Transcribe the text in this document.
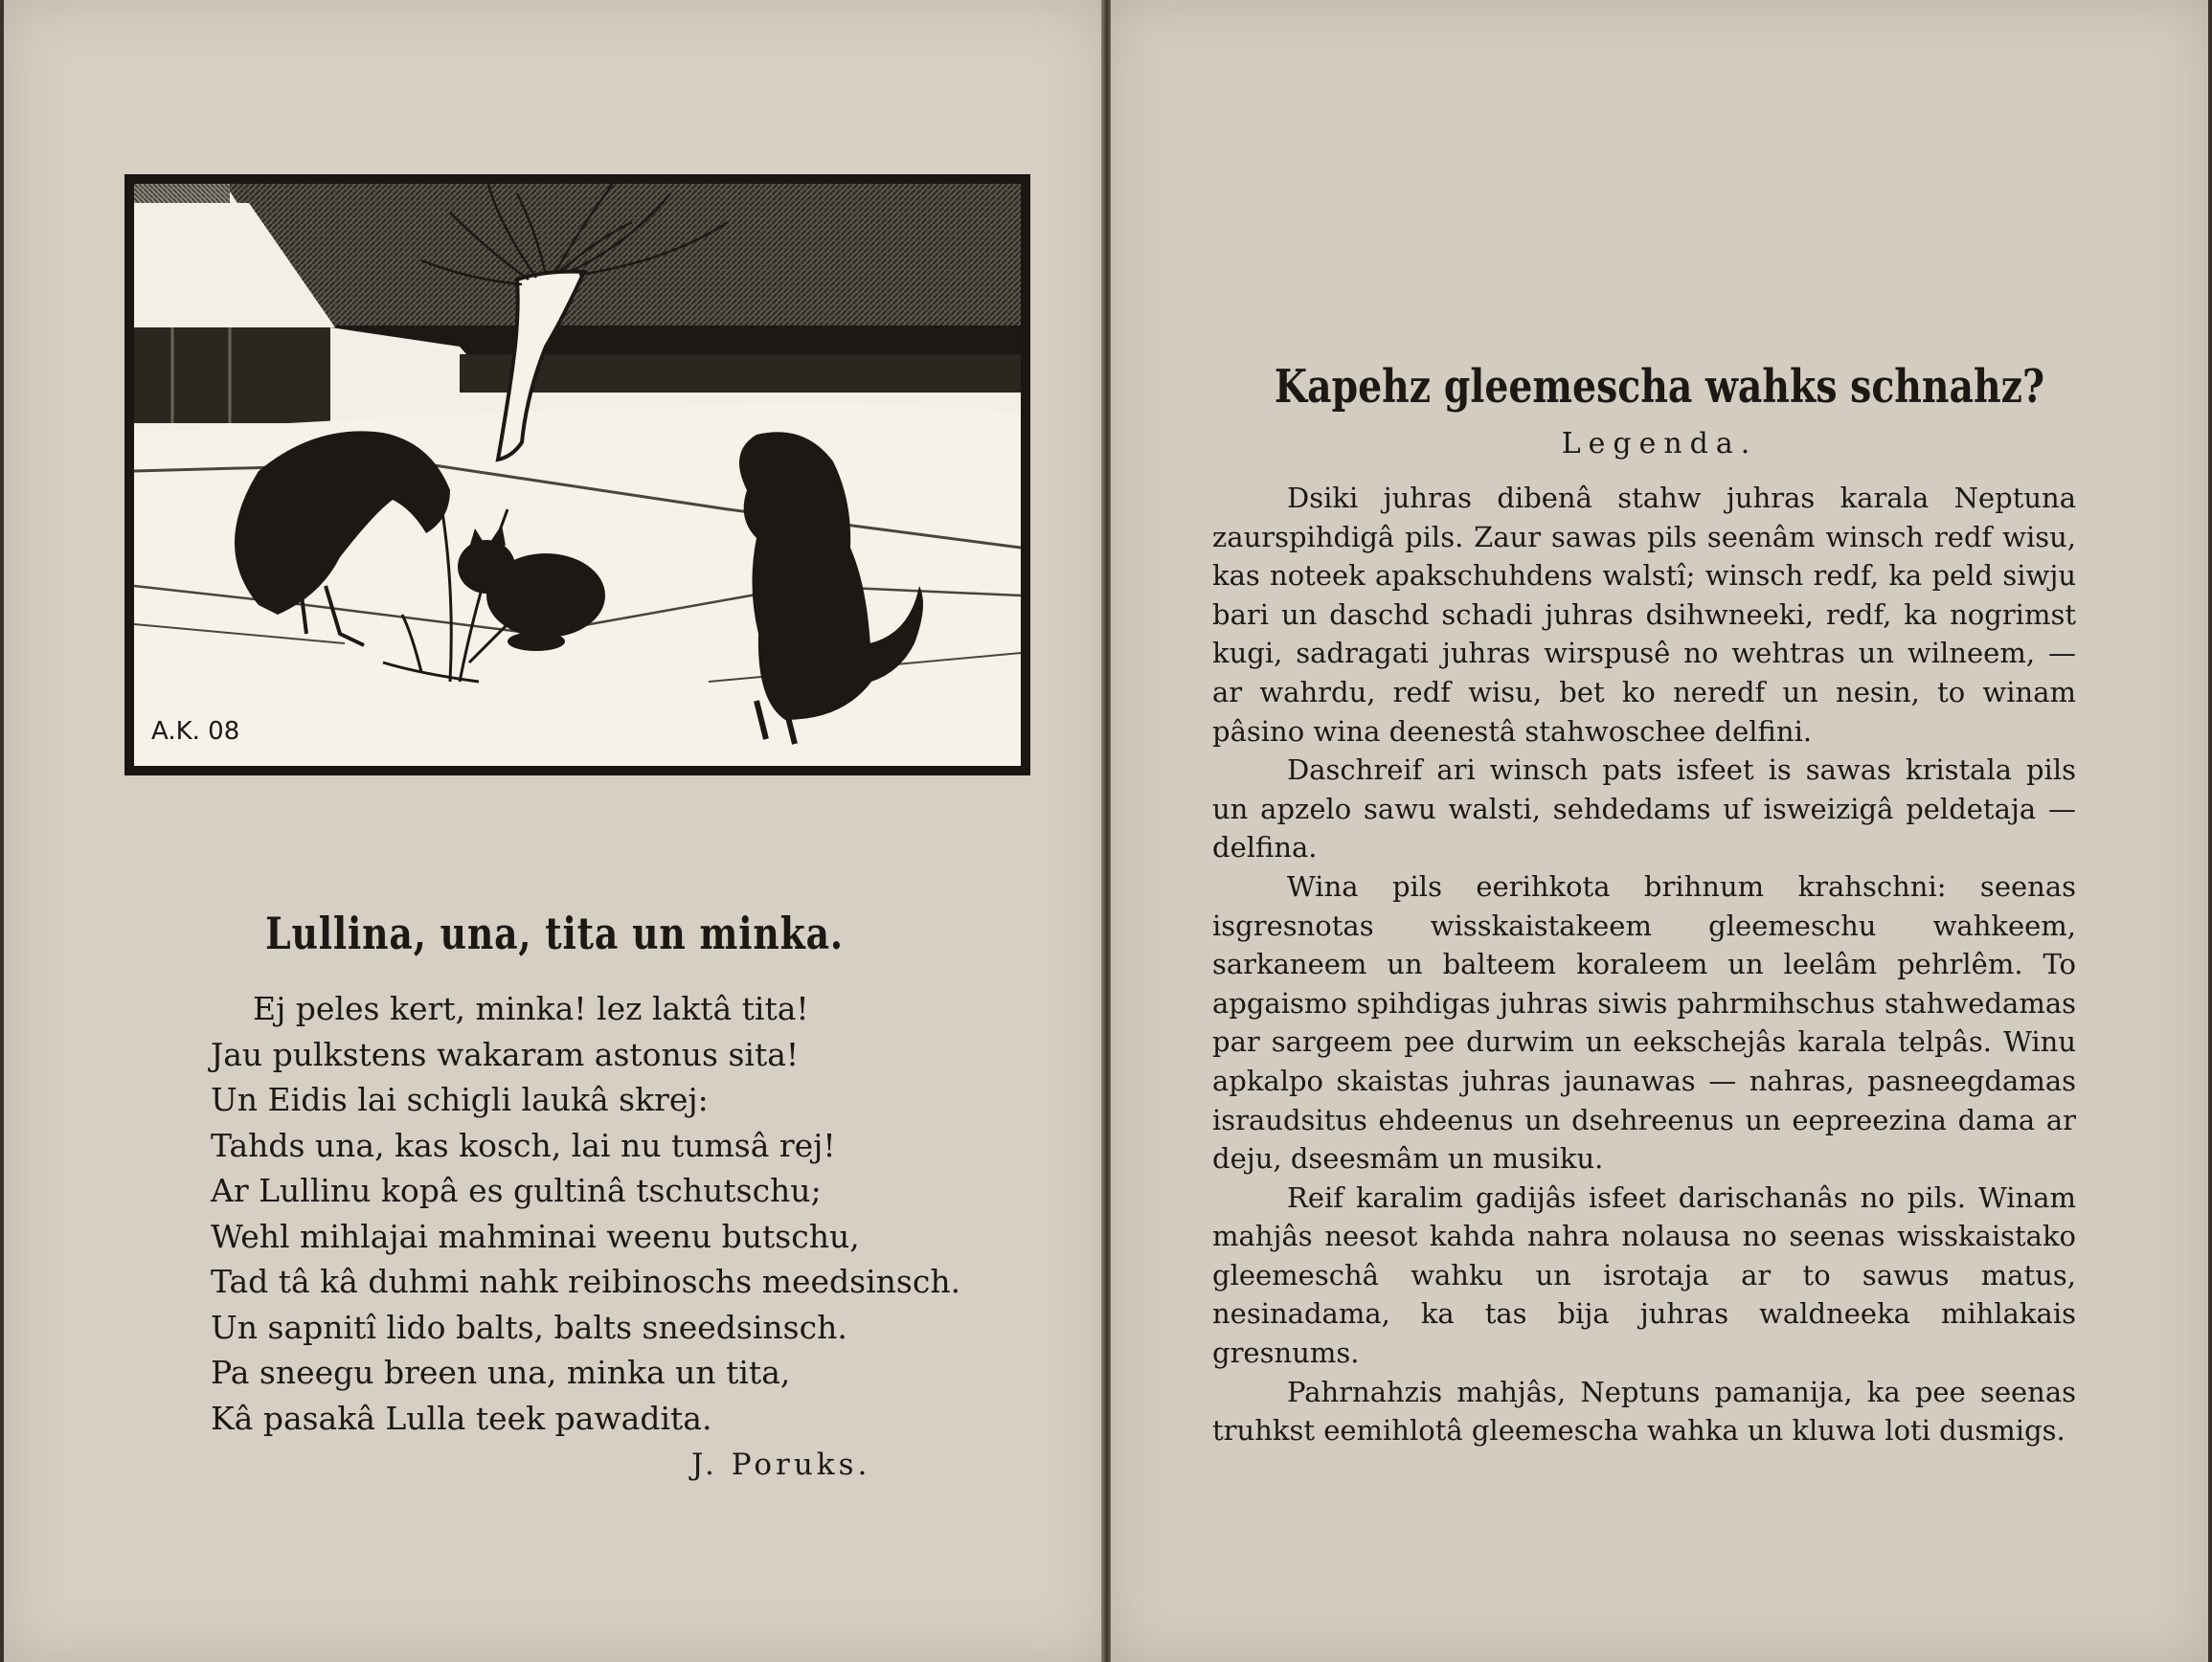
A.K. 08
Lullina, una, tita un minka.
Ej peles kert, minka! lez laktâ tita!
Jau pulkstens wakaram astonus sita!
Un Eidis lai schigli laukâ skrej:
Tahds una, kas kosch, lai nu tumsâ rej!
Ar Lullinu kopâ es gultinâ tschutschu;
Wehl mihlajai mahminai weenu butschu,
Tad tâ kâ duhmi nahk reibinoschs meedsinsch.
Un sapnitî lido balts, balts sneedsinsch.
Pa sneegu breen una, minka un tita,
Kâ pasakâ Lulla teek pawadita.
J. Poruks.
Kapehz gleemescha wahks schnahz?
Legenda.

Dsiki juhras dibenâ stahw juhras karala Neptuna zaurspihdigâ pils. Zaur sawas pils seenâm winsch redf wisu, kas noteek apakschuhdens walstî; winsch redf, ka peld siwju bari un daschd schadi juhras dsihwneeki, redf, ka nogrimst kugi, sadragati juhras wirspusê no wehtras un wilneem, — ar wahrdu, redf wisu, bet ko neredf un nesin, to winam pâsino wina deenestâ stahwoschee delfini.

Daschreif ari winsch pats isfeet is sawas kristala pils un apzelo sawu walsti, sehdedams uf isweizigâ peldetaja — delfina.

Wina pils eerihkota brihnum krahschni: seenas isgresnotas wisskaistakeem gleemeschu wahkeem, sarkaneem un balteem koraleem un leelâm pehrlêm. To apgaismo spihdigas juhras siwis pahrmihschus stahwedamas par sargeem pee durwim un eekschejâs karala telpâs. Winu apkalpo skaistas juhras jaunawas — nahras, pasneegdamas israudsitus ehdeenus un dsehreenus un eepreezina dama ar deju, dseesmâm un musiku.

Reif karalim gadijâs isfeet darischanâs no pils. Winam mahjâs neesot kahda nahra nolausa no seenas wisskaistako gleemeschâ wahku un isrotaja ar to sawus matus, nesinadama, ka tas bija juhras waldneeka mihlakais gresnums.

Pahrnahzis mahjâs, Neptuns pamanija, ka pee seenas truhkst eemihlotâ gleemescha wahka un kluwa loti dusmigs.
